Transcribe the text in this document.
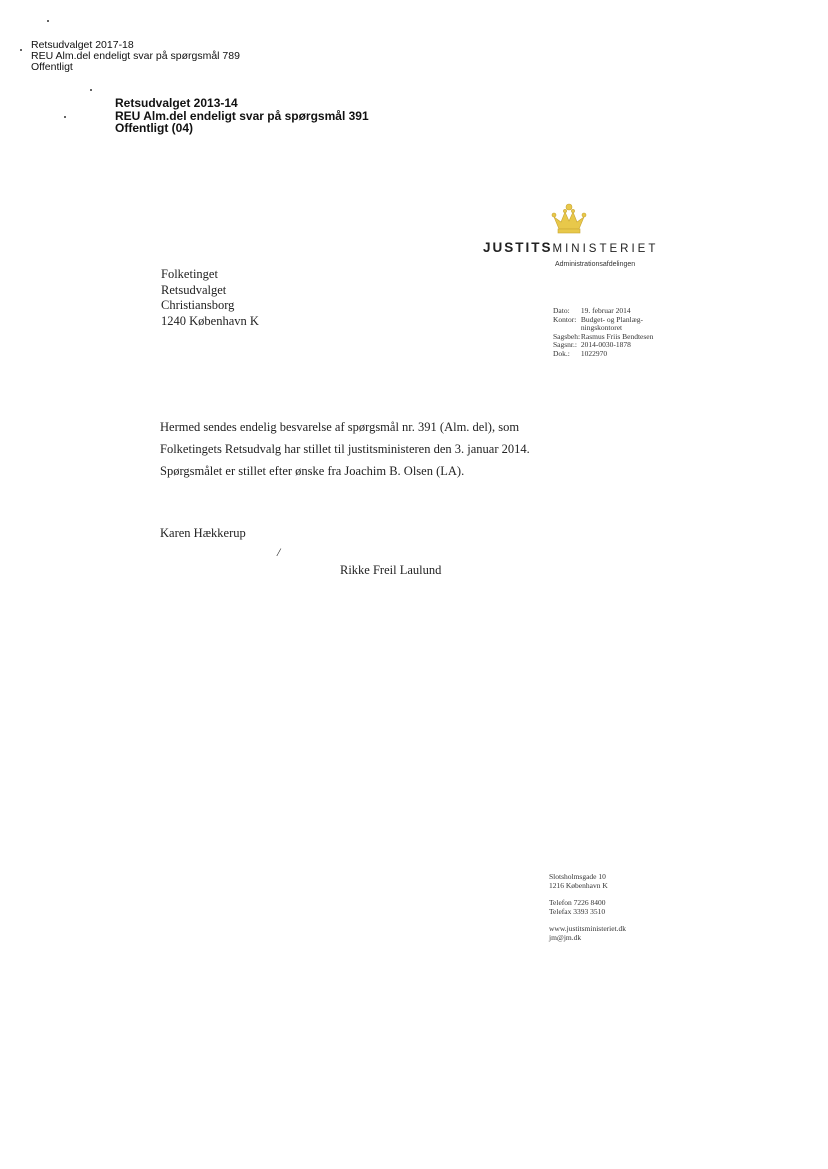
Retsudvalget 2017-18
REU Alm.del endeligt svar på spørgsmål 789
Offentligt
Retsudvalget 2013-14
REU Alm.del endeligt svar på spørgsmål 391
Offentligt (04)
JUSTITSMINISTERIET
Administrationsafdelingen
Folketinget
Retsudvalget
Christiansborg
1240 København K
Dato: 19. februar 2014
Kontor: Budget- og Planlæg-
ningskontoret
Sagsbeh: Rasmus Friis Bendtesen
Sagsnr.: 2014-0030-1878
Dok.: 1022970
Hermed sendes endelig besvarelse af spørgsmål nr. 391 (Alm. del), som
Folketingets Retsudvalg har stillet til justitsministeren den 3. januar 2014.
Spørgsmålet er stillet efter ønske fra Joachim B. Olsen (LA).
Karen Hækkerup
/
Rikke Freil Laulund
Slotsholmsgade 10
1216 København K
Telefon 7226 8400
Telefax 3393 3510
www.justitsministeriet.dk
jm@jm.dk
